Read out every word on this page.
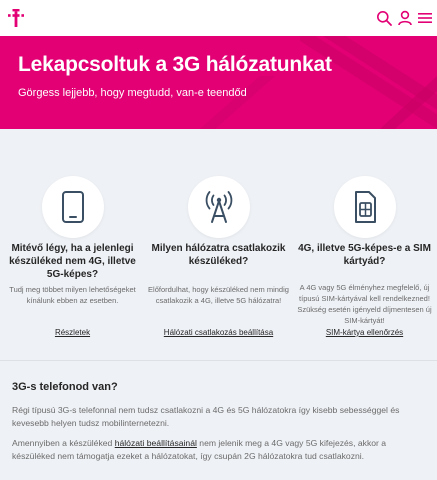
Lekapcsoltuk a 3G hálózatunkat
Görgess lejjebb, hogy megtudd, van-e teendőd
Mitévő légy, ha a jelenlegi készüléked nem 4G, illetve 5G-képes?
Tudj meg többet milyen lehetőségeket kínálunk ebben az esetben.
Részletek
Milyen hálózatra csatlakozik készüléked?
Előfordulhat, hogy készüléked nem mindig csatlakozik a 4G, illetve 5G hálózatra!
Hálózati csatlakozás beállítása
4G, illetve 5G-képes-e a SIM kártyád?
A 4G vagy 5G élményhez megfelelő, új típusú SIM-kártyával kell rendelkezned! Szükség esetén igényeld díjmentesen új SIM-kártyát!
SIM-kártya ellenőrzés
3G-s telefonod van?
Régi típusú 3G-s telefonnal nem tudsz csatlakozni a 4G és 5G hálózatokra így kisebb sebességgel és kevesebb helyen tudsz mobilinternetezni.
Amennyiben a készüléked hálózati beállításainál nem jelenik meg a 4G vagy 5G kifejezés, akkor a készüléked nem támogatja ezeket a hálózatokat, így csupán 2G hálózatokra tud csatlakozni.
